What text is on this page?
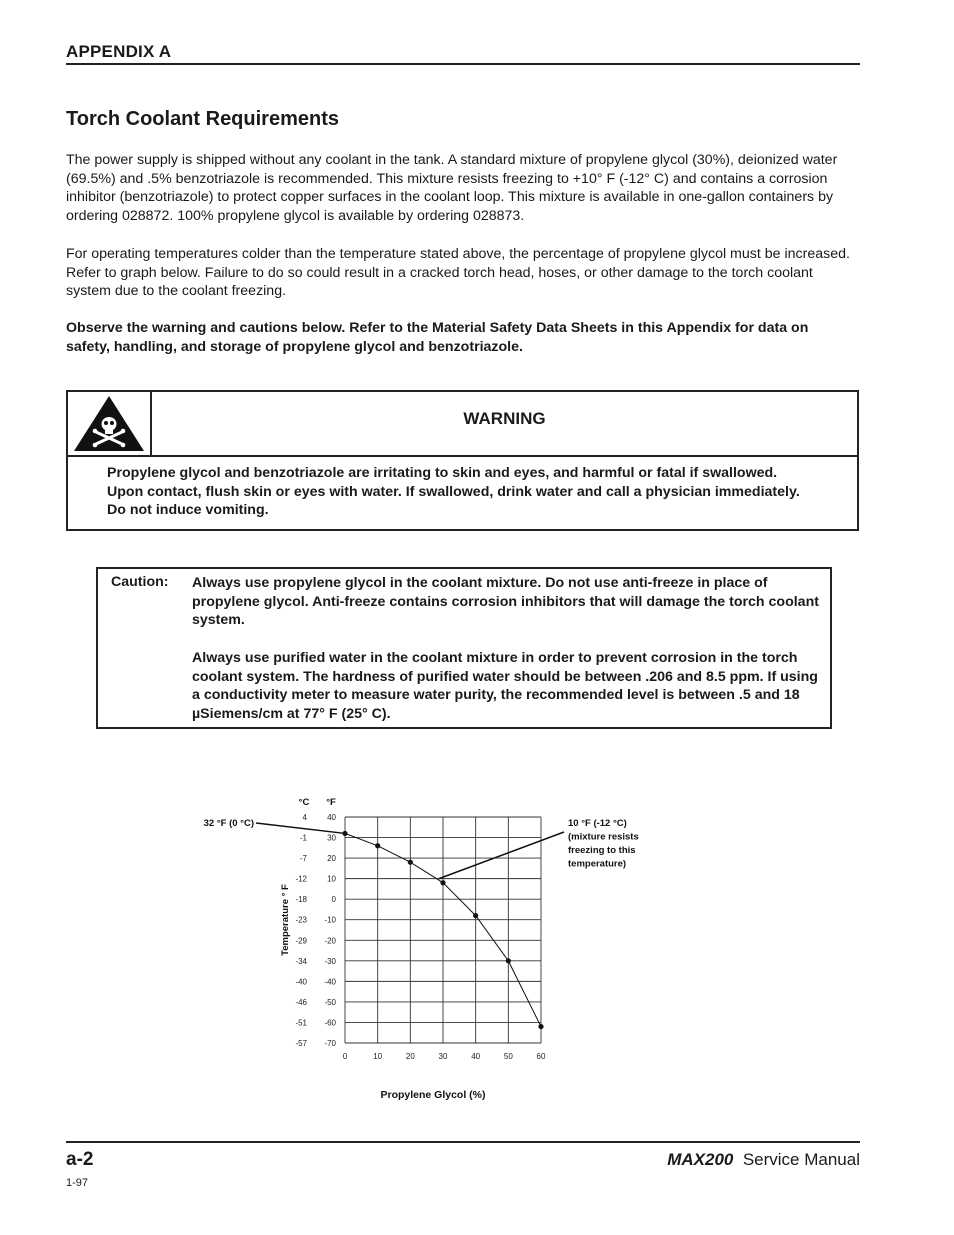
APPENDIX A
Torch Coolant Requirements

The power supply is shipped without any coolant in the tank. A standard mixture of propylene glycol (30%), deionized water (69.5%) and .5% benzotriazole is recommended. This mixture resists freezing to +10° F (-12° C) and contains a corrosion inhibitor (benzotriazole) to protect copper surfaces in the coolant loop. This mixture is available in one-gallon containers by ordering 028872. 100% propylene glycol is available by ordering 028873.

For operating temperatures colder than the temperature stated above, the percentage of propylene glycol must be increased. Refer to graph below. Failure to do so could result in a cracked torch head, hoses, or other damage to the torch coolant system due to the coolant freezing.

Observe the warning and cautions below. Refer to the Material Safety Data Sheets in this Appendix for data on safety, handling, and storage of propylene glycol and benzotriazole.

WARNING

Propylene glycol and benzotriazole are irritating to skin and eyes, and harmful or fatal if swallowed. Upon contact, flush skin or eyes with water. If swallowed, drink water and call a physician immediately. Do not induce vomiting.

Caution: Always use propylene glycol in the coolant mixture. Do not use anti-freeze in place of propylene glycol. Anti-freeze contains corrosion inhibitors that will damage the torch coolant system.

Always use purified water in the coolant mixture in order to prevent corrosion in the torch coolant system. The hardness of purified water should be between .206 and 8.5 ppm. If using a conductivity meter to measure water purity, the recommended level is between .5 and 18 µSiemens/cm at 77° F (25° C).

0	10	20	30	40	50	60
40
4
30
-1
20
-7
10
-12
0
-18
-10
-23
-20
-29
-30
-34
-40
-40
-50
-46
-60
-51
-70
-57
°C °F
Temperature ° F
Propylene Glycol (%)
32 °F (0 °C)	10 °F (-12 °C)
(mixture resists
freezing to this
temperature)
a-2	MAX200 Service Manual
1-97
